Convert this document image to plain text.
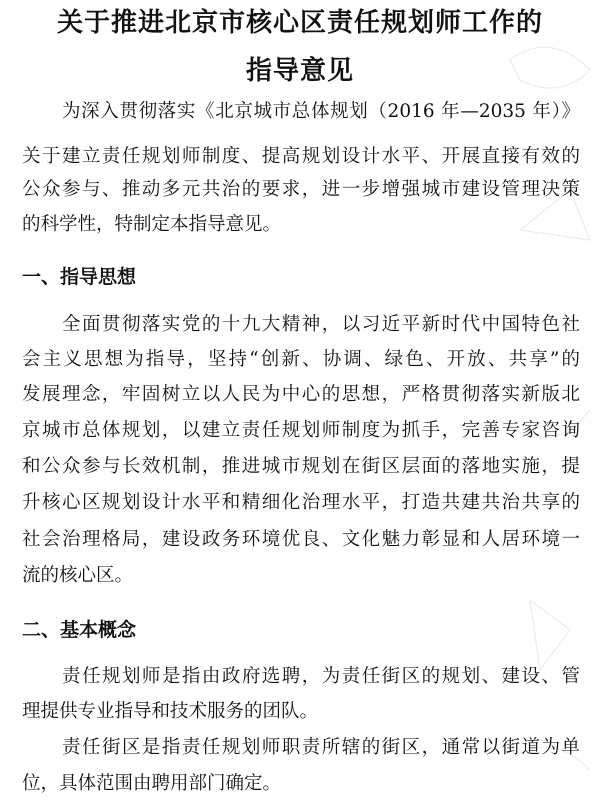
关于推进北京市核心区责任规划师工作的
指导意见
为深入贯彻落实《北京城市总体规划（2016 年—2035 年）》
关于建立责任规划师制度、提高规划设计水平、开展直接有效的
公众参与、推动多元共治的要求，进一步增强城市建设管理决策
的科学性，特制定本指导意见。
一、指导思想
全面贯彻落实党的十九大精神，以习近平新时代中国特色社
会主义思想为指导，坚持“创新、协调、绿色、开放、共享”的
发展理念，牢固树立以人民为中心的思想，严格贯彻落实新版北
京城市总体规划，以建立责任规划师制度为抓手，完善专家咨询
和公众参与长效机制，推进城市规划在街区层面的落地实施，提
升核心区规划设计水平和精细化治理水平，打造共建共治共享的
社会治理格局，建设政务环境优良、文化魅力彰显和人居环境一
流的核心区。
二、基本概念
责任规划师是指由政府选聘，为责任街区的规划、建设、管
理提供专业指导和技术服务的团队。
责任街区是指责任规划师职责所辖的街区，通常以街道为单
位，具体范围由聘用部门确定。
